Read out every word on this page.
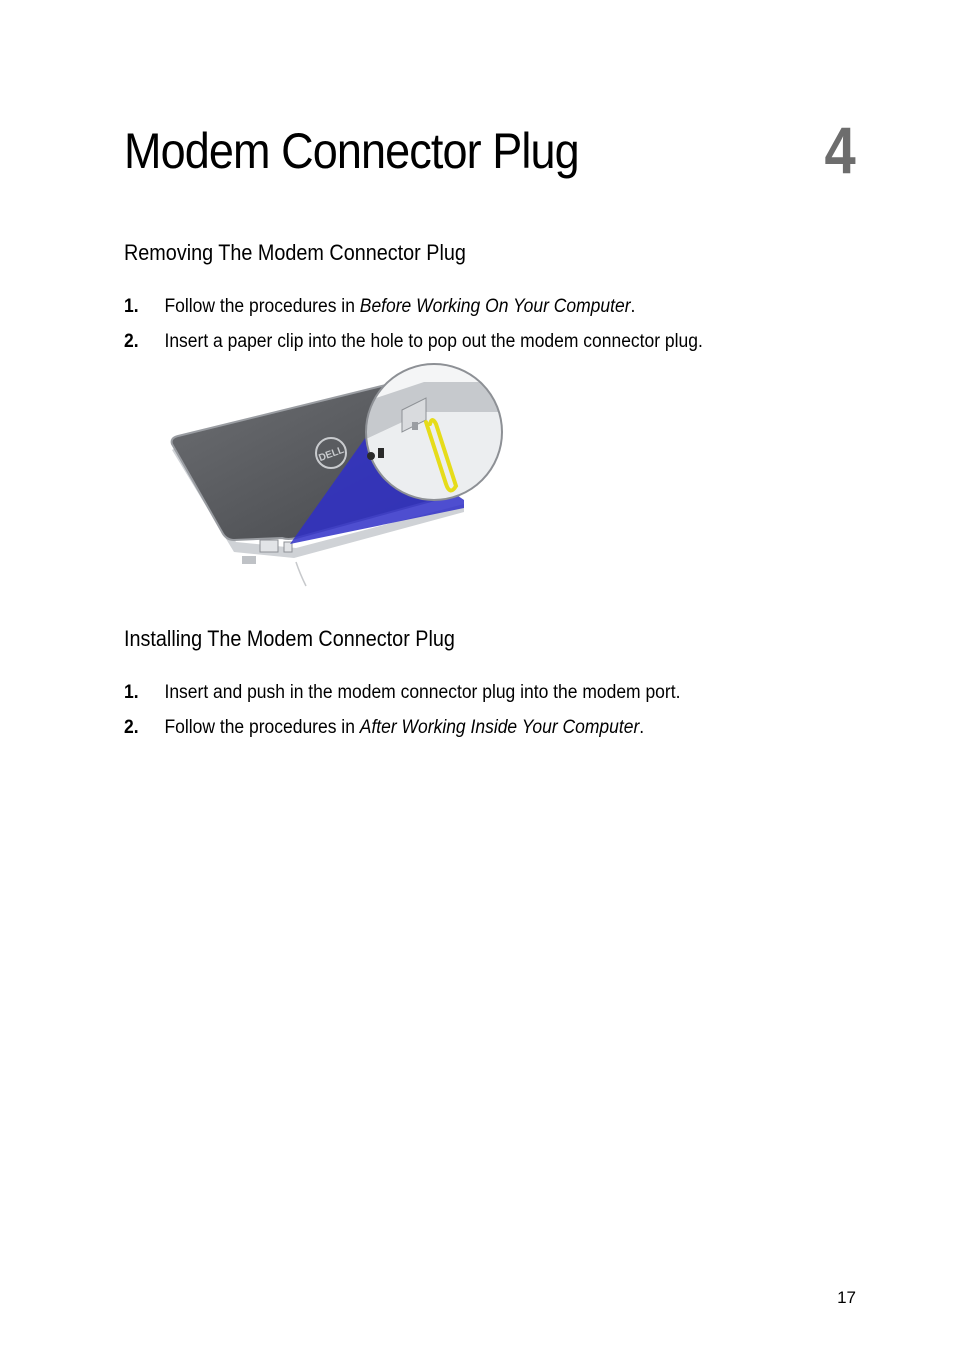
Modem Connector Plug	4
Removing The Modem Connector Plug
1. Follow the procedures in Before Working On Your Computer.
2. Insert a paper clip into the hole to pop out the modem connector plug.
DELL
Installing The Modem Connector Plug
1. Insert and push in the modem connector plug into the modem port.
2. Follow the procedures in After Working Inside Your Computer.
17
